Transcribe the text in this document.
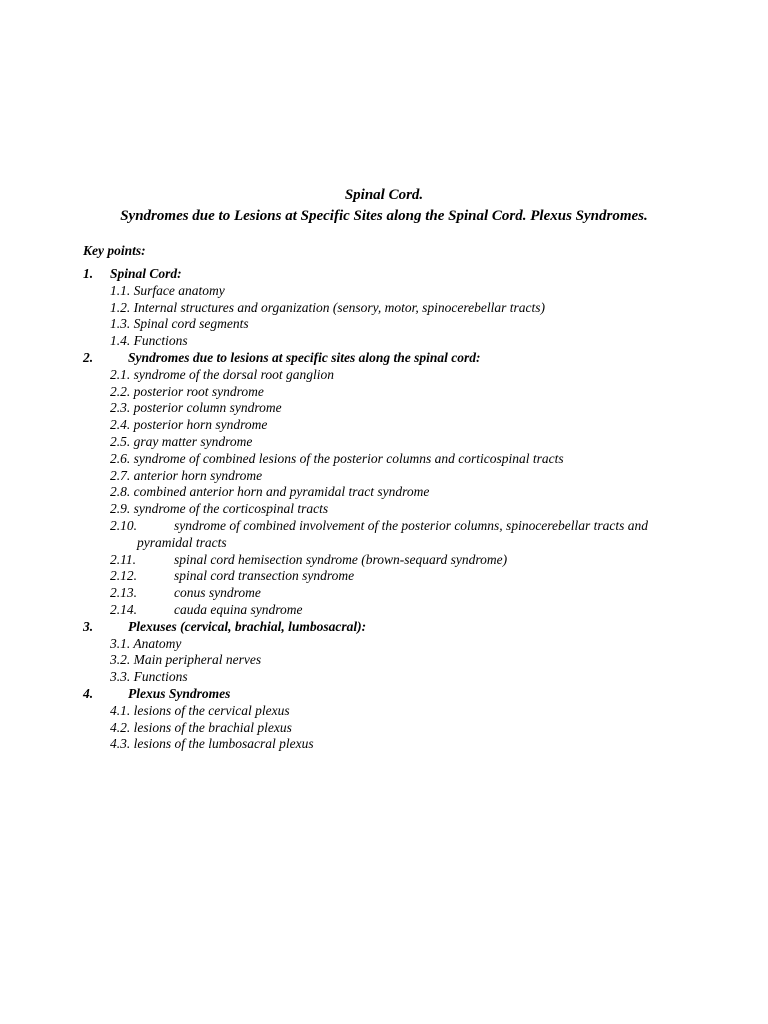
Spinal Cord.
Syndromes due to Lesions at Specific Sites along the Spinal Cord. Plexus Syndromes.
Key points:
1. Spinal Cord:
1.1. Surface anatomy
1.2. Internal structures and organization (sensory, motor, spinocerebellar tracts)
1.3. Spinal cord segments
1.4. Functions
2.	Syndromes due to lesions at specific sites along the spinal cord:
2.1. syndrome of the dorsal root ganglion
2.2. posterior root syndrome
2.3. posterior column syndrome
2.4. posterior horn syndrome
2.5. gray matter syndrome
2.6. syndrome of combined lesions of the posterior columns and corticospinal tracts
2.7. anterior horn syndrome
2.8. combined anterior horn and pyramidal tract syndrome
2.9. syndrome of the corticospinal tracts
2.10.	syndrome of combined involvement of the posterior columns, spinocerebellar tracts and
pyramidal tracts
2.11.	spinal cord hemisection syndrome (brown-sequard syndrome)
2.12.	spinal cord transection syndrome
2.13.	conus syndrome
2.14.	cauda equina syndrome
3.	Plexuses (cervical, brachial, lumbosacral):
3.1. Anatomy
3.2. Main peripheral nerves
3.3. Functions
4.	Plexus Syndromes
4.1. lesions of the cervical plexus
4.2. lesions of the brachial plexus
4.3. lesions of the lumbosacral plexus
